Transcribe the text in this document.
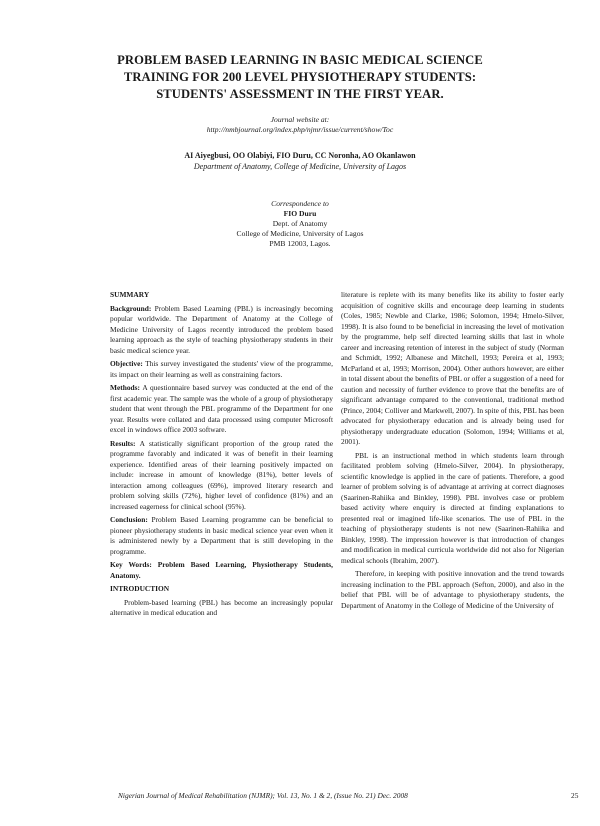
PROBLEM BASED LEARNING IN BASIC MEDICAL SCIENCE
TRAINING FOR 200 LEVEL PHYSIOTHERAPY STUDENTS:
STUDENTS' ASSESSMENT IN THE FIRST YEAR.
Journal website at:
http://nmbjournal.org/index.php/njmr/issue/current/show/Toc
AI Aiyegbusi, OO Olabiyi, FIO Duru, CC Noronha, AO Okanlawon
Department of Anatomy, College of Medicine, University of Lagos
Correspondence to
FIO Duru
Dept. of Anatomy
College of Medicine, University of Lagos
PMB 12003, Lagos.
SUMMARY

Background: Problem Based Learning (PBL) is increasingly becoming popular worldwide. The Department of Anatomy at the College of Medicine University of Lagos recently introduced the problem based learning approach as the style of teaching physiotherapy students in their basic medical science year.

Objective: This survey investigated the students' view of the programme, its impact on their learning as well as constraining factors.

Methods: A questionnaire based survey was conducted at the end of the first academic year. The sample was the whole of a group of physiotherapy student that went through the PBL programme of the Department for one year. Results were collated and data processed using computer Microsoft excel in windows office 2003 software.

Results: A statistically significant proportion of the group rated the programme favorably and indicated it was of benefit in their learning experience. Identified areas of their learning positively impacted on include: increase in amount of knowledge (81%), better levels of interaction among colleagues (69%), improved literary research and problem solving skills (72%), higher level of confidence (81%) and an increased eagerness for clinical school (95%).

Conclusion: Problem Based Learning programme can be beneficial to pioneer physiotherapy students in basic medical science year even when it is administered newly by a Department that is still developing in the programme.

Key Words: Problem Based Learning, Physiotherapy Students, Anatomy.

INTRODUCTION

Problem-based learning (PBL) has become an increasingly popular alternative in medical education and

literature is replete with its many benefits like its ability to foster early acquisition of cognitive skills and encourage deep learning in students (Coles, 1985; Newble and Clarke, 1986; Solomon, 1994; Hmelo-Silver, 1998). It is also found to be beneficial in increasing the level of motivation by the programme, help self directed learning skills that last in whole career and increasing retention of interest in the subject of study (Norman and Schmidt, 1992; Albanese and Mitchell, 1993; Pereira et al, 1993; McParland et al, 1993; Morrison, 2004). Other authors however, are either in total dissent about the benefits of PBL or offer a suggestion of a need for caution and necessity of further evidence to prove that the benefits are of significant advantage compared to the conventional, traditional method (Prince, 2004; Colliver and Markwell, 2007). In spite of this, PBL has been advocated for physiotherapy education and is already being used for physiotherapy undergraduate education (Solomon, 1994; Williams et al, 2001).

PBL is an instructional method in which students learn through facilitated problem solving (Hmelo-Silver, 2004). In physiotherapy, scientific knowledge is applied in the care of patients. Therefore, a good learner of problem solving is of advantage at arriving at correct diagnoses (Saarinen-Rahiika and Binkley, 1998). PBL involves case or problem based activity where enquiry is directed at finding explanations to presented real or imagined life-like scenarios. The use of PBL in the teaching of physiotherapy students is not new (Saarinen-Rahiika and Binkley, 1998). The impression however is that introduction of changes and modification in medical curricula worldwide did not also for Nigerian medical schools (Ibrahim, 2007).

Therefore, in keeping with positive innovation and the trend towards increasing inclination to the PBL approach (Sefton, 2000), and also in the belief that PBL will be of advantage to physiotherapy students, the Department of Anatomy in the College of Medicine of the University of

Nigerian Journal of Medical Rehabilitation (NJMR); Vol. 13, No. 1 & 2, (Issue No. 21) Dec. 2008	25
